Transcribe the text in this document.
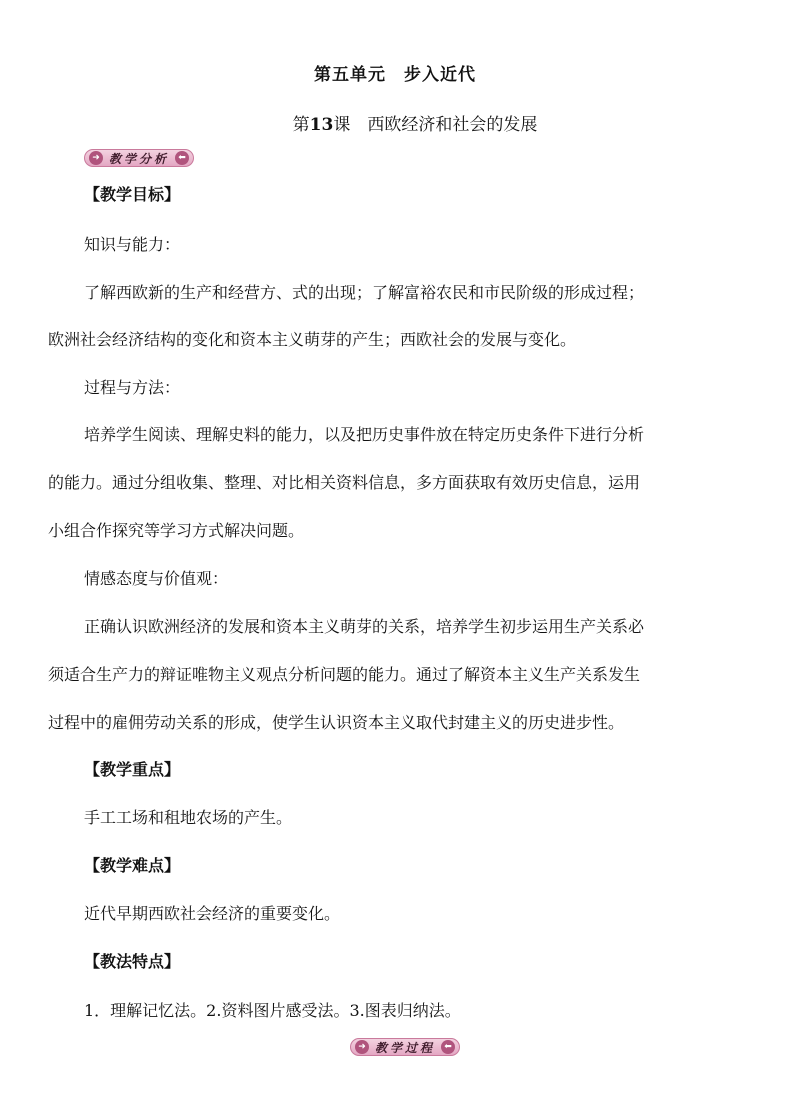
第五单元　步入近代
第13课　西欧经济和社会的发展
➜ 教学分析	⬅
【教学目标】
知识与能力：
了解西欧新的生产和经营方、式的出现；了解富裕农民和市民阶级的形成过程；
欧洲社会经济结构的变化和资本主义萌芽的产生；西欧社会的发展与变化。
过程与方法：
培养学生阅读、理解史料的能力，以及把历史事件放在特定历史条件下进行分析
的能力。通过分组收集、整理、对比相关资料信息，多方面获取有效历史信息，运用
小组合作探究等学习方式解决问题。
情感态度与价值观：
正确认识欧洲经济的发展和资本主义萌芽的关系，培养学生初步运用生产关系必
须适合生产力的辩证唯物主义观点分析问题的能力。通过了解资本主义生产关系发生
过程中的雇佣劳动关系的形成，使学生认识资本主义取代封建主义的历史进步性。
【教学重点】
手工工场和租地农场的产生。
【教学难点】
近代早期西欧社会经济的重要变化。
【教法特点】
1．理解记忆法。2.资料图片感受法。3.图表归纳法。
➜ 教学过程	⬅
